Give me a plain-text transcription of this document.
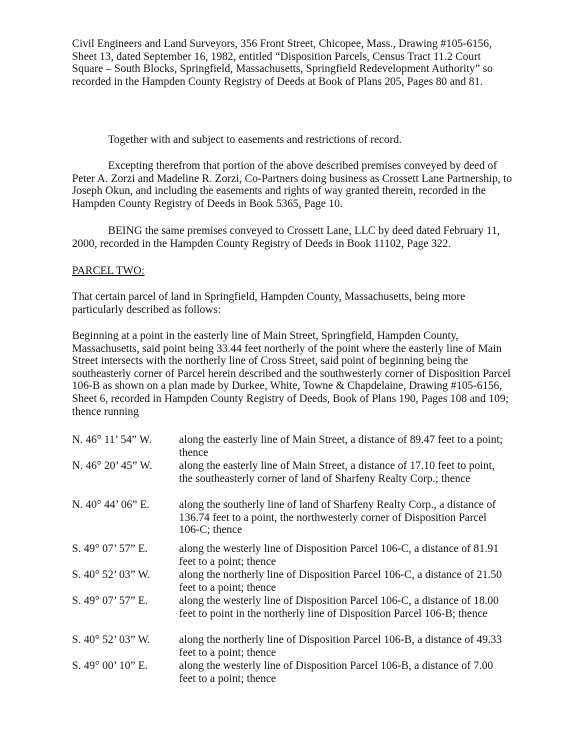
Civil Engineers and Land Surveyors, 356 Front Street, Chicopee, Mass., Drawing #105-6156, Sheet 13, dated September 16, 1982, entitled “Disposition Parcels, Census Tract 11.2 Court Square – South Blocks, Springfield, Massachusetts, Springfield Redevelopment Authority” so recorded in the Hampden County Registry of Deeds at Book of Plans 205, Pages 80 and 81.

Together with and subject to easements and restrictions of record.

Excepting therefrom that portion of the above described premises conveyed by deed of Peter A. Zorzi and Madeline R. Zorzi, Co-Partners doing business as Crossett Lane Partnership, to Joseph Okun, and including the easements and rights of way granted therein, recorded in the Hampden County Registry of Deeds in Book 5365, Page 10.

BEING the same premises conveyed to Crossett Lane, LLC by deed dated February 11, 2000, recorded in the Hampden County Registry of Deeds in Book 11102, Page 322.

PARCEL TWO:

That certain parcel of land in Springfield, Hampden County, Massachusetts, being more particularly described as follows:

Beginning at a point in the easterly line of Main Street, Springfield, Hampden County, Massachusetts, said point being 33.44 feet northerly of the point where the easterly line of Main Street intersects with the northerly line of Cross Street, said point of beginning being the southeasterly corner of Parcel herein described and the southwesterly corner of Disposition Parcel 106-B as shown on a plan made by Durkee, White, Towne & Chapdelaine, Drawing #105-6156, Sheet 6, recorded in Hampden County Registry of Deeds, Book of Plans 190, Pages 108 and 109; thence running

N. 46° 11’ 54” W.	along the easterly line of Main Street, a distance of 89.47 feet to a point; thence
N. 46° 20’ 45” W.	along the easterly line of Main Street, a distance of 17.10 feet to point, the southeasterly corner of land of Sharfeny Realty Corp.; thence
N. 40° 44’ 06” E.	along the southerly line of land of Sharfeny Realty Corp., a distance of 136.74 feet to a point, the northwesterly corner of Disposition Parcel 106-C; thence
S. 49° 07’ 57” E.	along the westerly line of Disposition Parcel 106-C, a distance of 81.91 feet to a point; thence
S. 40° 52’ 03” W.	along the northerly line of Disposition Parcel 106-C, a distance of 21.50 feet to a point; thence
S. 49° 07’ 57” E.	along the westerly line of Disposition Parcel 106-C, a distance of 18.00 feet to point in the northerly line of Disposition Parcel 106-B; thence
S. 40° 52’ 03” W.	along the northerly line of Disposition Parcel 106-B, a distance of 49.33 feet to a point; thence
S. 49° 00’ 10” E.	along the westerly line of Disposition Parcel 106-B, a distance of 7.00 feet to a point; thence
